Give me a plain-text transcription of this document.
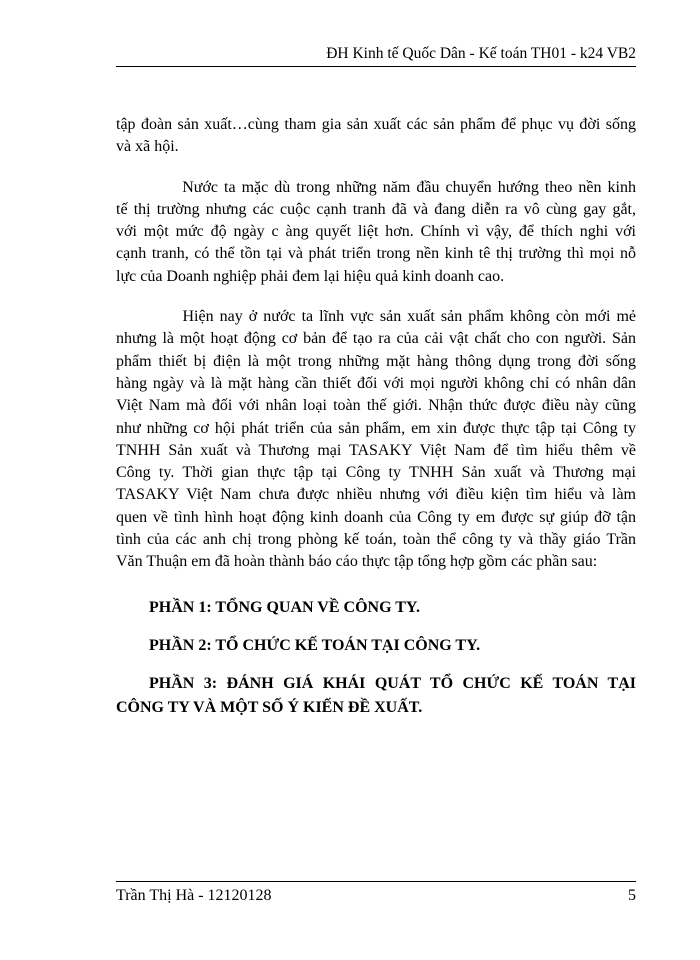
ĐH Kinh tế Quốc Dân - Kế toán TH01 - k24 VB2

tập đoàn sản xuất…cùng tham gia sản xuất các sản phẩm để phục vụ đời sống
và xã hội.

Nước ta mặc dù trong những năm đầu chuyển hướng theo nền kinh
tế thị trường nhưng các cuộc cạnh tranh đã và đang diễn ra vô cùng gay gắt,
với một mức độ ngày c àng quyết liệt hơn. Chính vì vậy, để thích nghi với
cạnh tranh, có thể tồn tại và phát triển trong nền kinh tê thị trường thì mọi nỗ
lực của Doanh nghiệp phải đem lại hiệu quả kinh doanh cao.

Hiện nay ở nước ta lĩnh vực sản xuất sản phẩm không còn mới mẻ
nhưng là một hoạt động cơ bản để tạo ra của cải vật chất cho con người. Sản
phẩm thiết bị điện là một trong những mặt hàng thông dụng trong đời sống
hàng ngày và là mặt hàng cần thiết đối với mọi người không chỉ có nhân dân
Việt Nam mà đối với nhân loại toàn thế giới. Nhận thức được điều này cũng
như những cơ hội phát triển của sản phẩm, em xin được thực tập tại Công ty
TNHH Sản xuất và Thương mại TASAKY Việt Nam để tìm hiểu thêm về
Công ty. Thời gian thực tập tại Công ty TNHH Sản xuất và Thương mại
TASAKY Việt Nam chưa được nhiều nhưng với điều kiện tìm hiểu và làm
quen về tình hình hoạt động kinh doanh của Công ty em được sự giúp đỡ tận
tình của các anh chị trong phòng kế toán, toàn thể công ty và thầy giáo Trần
Văn Thuận em đã hoàn thành báo cáo thực tập tổng hợp gồm các phần sau:

PHẦN 1: TỔNG QUAN VỀ CÔNG TY.
PHẦN 2: TỔ CHỨC KẾ TOÁN TẠI CÔNG TY.
PHẦN 3: ĐÁNH GIÁ KHÁI QUÁT TỔ CHỨC KẾ TOÁN TẠI
CÔNG TY VÀ MỘT SỐ Ý KIẾN ĐỀ XUẤT.
Trần Thị Hà - 12120128	5
